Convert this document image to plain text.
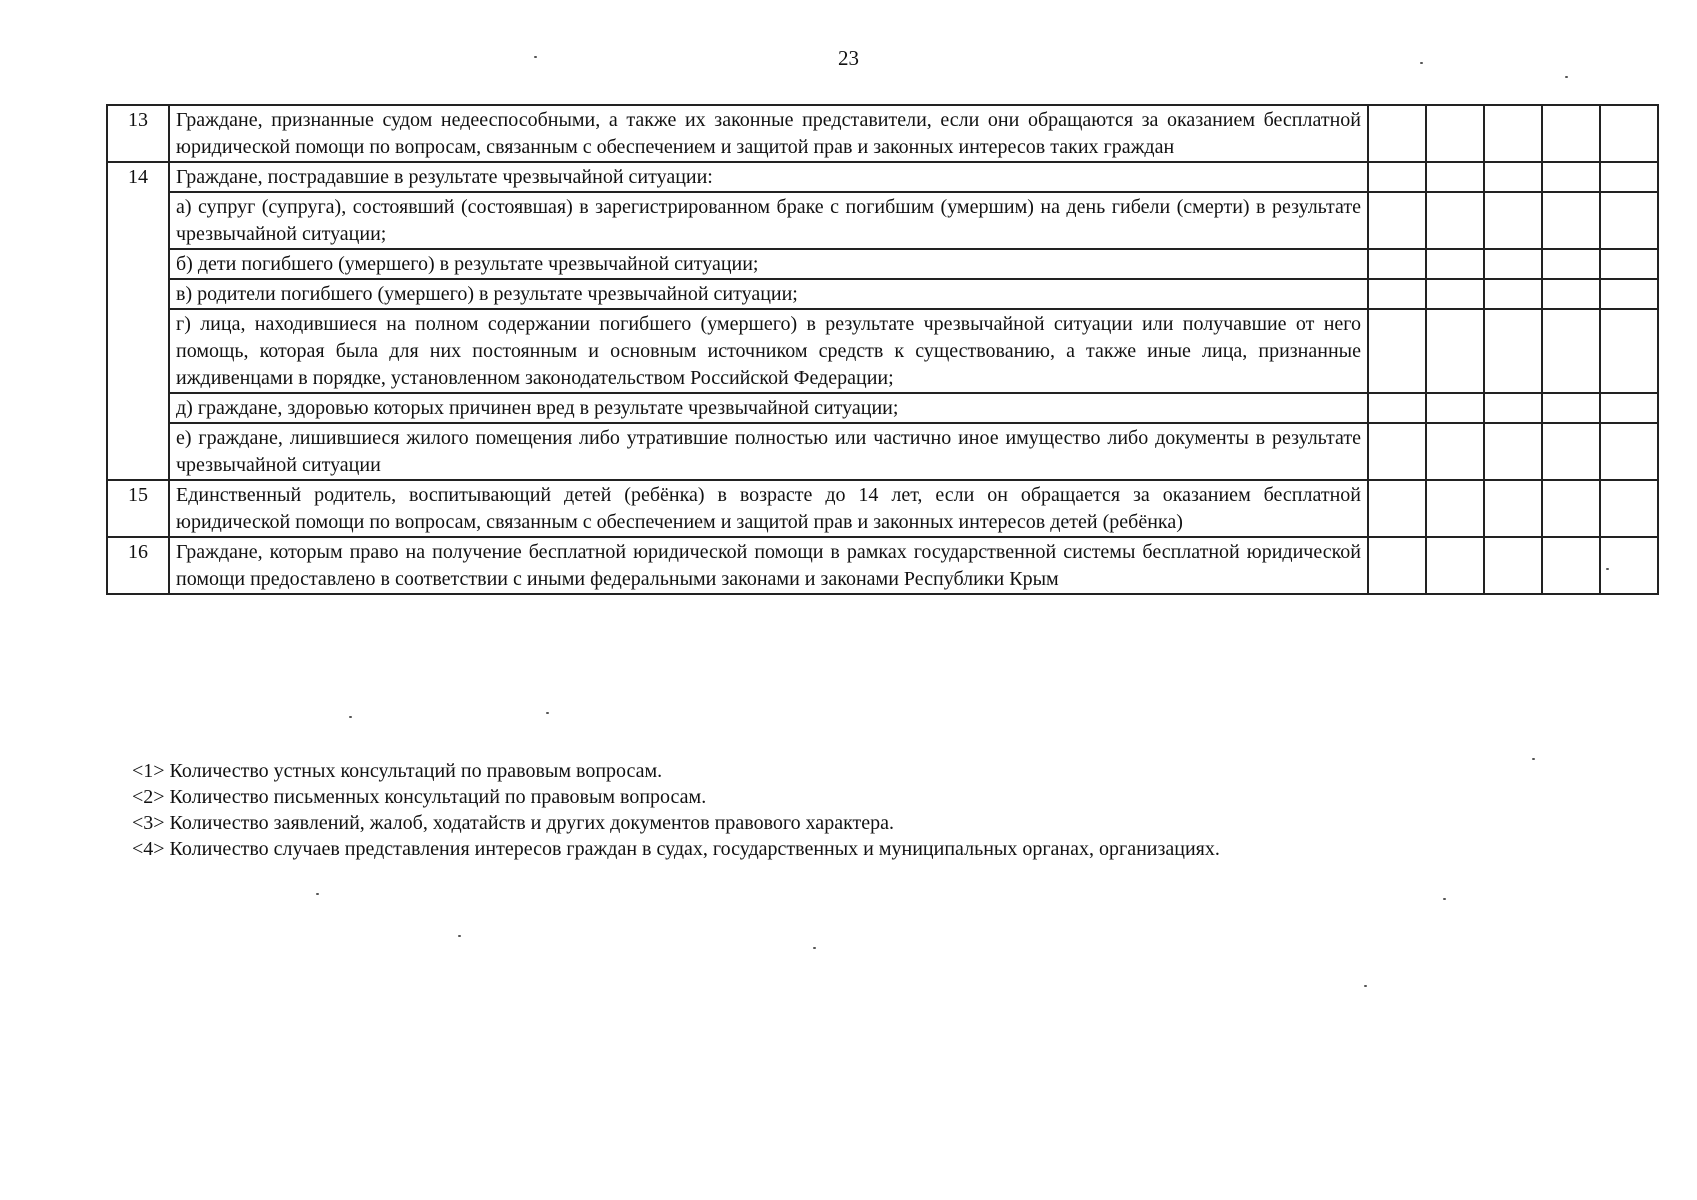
23
13	Граждане, признанные судом недееспособными, а также их законные представители, если они обращаются за оказанием бесплатной юридической помощи по вопросам, связанным с обеспечением и защитой прав и законных интересов таких граждан					
14	Граждане, пострадавшие в результате чрезвычайной ситуации:					
	а) супруг (супруга), состоявший (состоявшая) в зарегистрированном браке с погибшим (умершим) на день гибели (смерти) в результате чрезвычайной ситуации;					
	б) дети погибшего (умершего) в результате чрезвычайной ситуации;					
	в) родители погибшего (умершего) в результате чрезвычайной ситуации;					
	г) лица, находившиеся на полном содержании погибшего (умершего) в результате чрезвычайной ситуации или получавшие от него помощь, которая была для них постоянным и основным источником средств к существованию, а также иные лица, признанные иждивенцами в порядке, установленном законодательством Российской Федерации;					
	д) граждане, здоровью которых причинен вред в результате чрезвычайной ситуации;					
	е) граждане, лишившиеся жилого помещения либо утратившие полностью или частично иное имущество либо документы в результате чрезвычайной ситуации					
15	Единственный родитель, воспитывающий детей (ребёнка) в возрасте до 14 лет, если он обращается за оказанием бесплатной юридической помощи по вопросам, связанным с обеспечением и защитой прав и законных интересов детей (ребёнка)					
16	Граждане, которым право на получение бесплатной юридической помощи в рамках государственной системы бесплатной юридической помощи предоставлено в соответствии с иными федеральными законами и законами Республики Крым					
<1> Количество устных консультаций по правовым вопросам.
<2> Количество письменных консультаций по правовым вопросам.
<3> Количество заявлений, жалоб, ходатайств и других документов правового характера.
<4> Количество случаев представления интересов граждан в судах, государственных и муниципальных органах, организациях.
